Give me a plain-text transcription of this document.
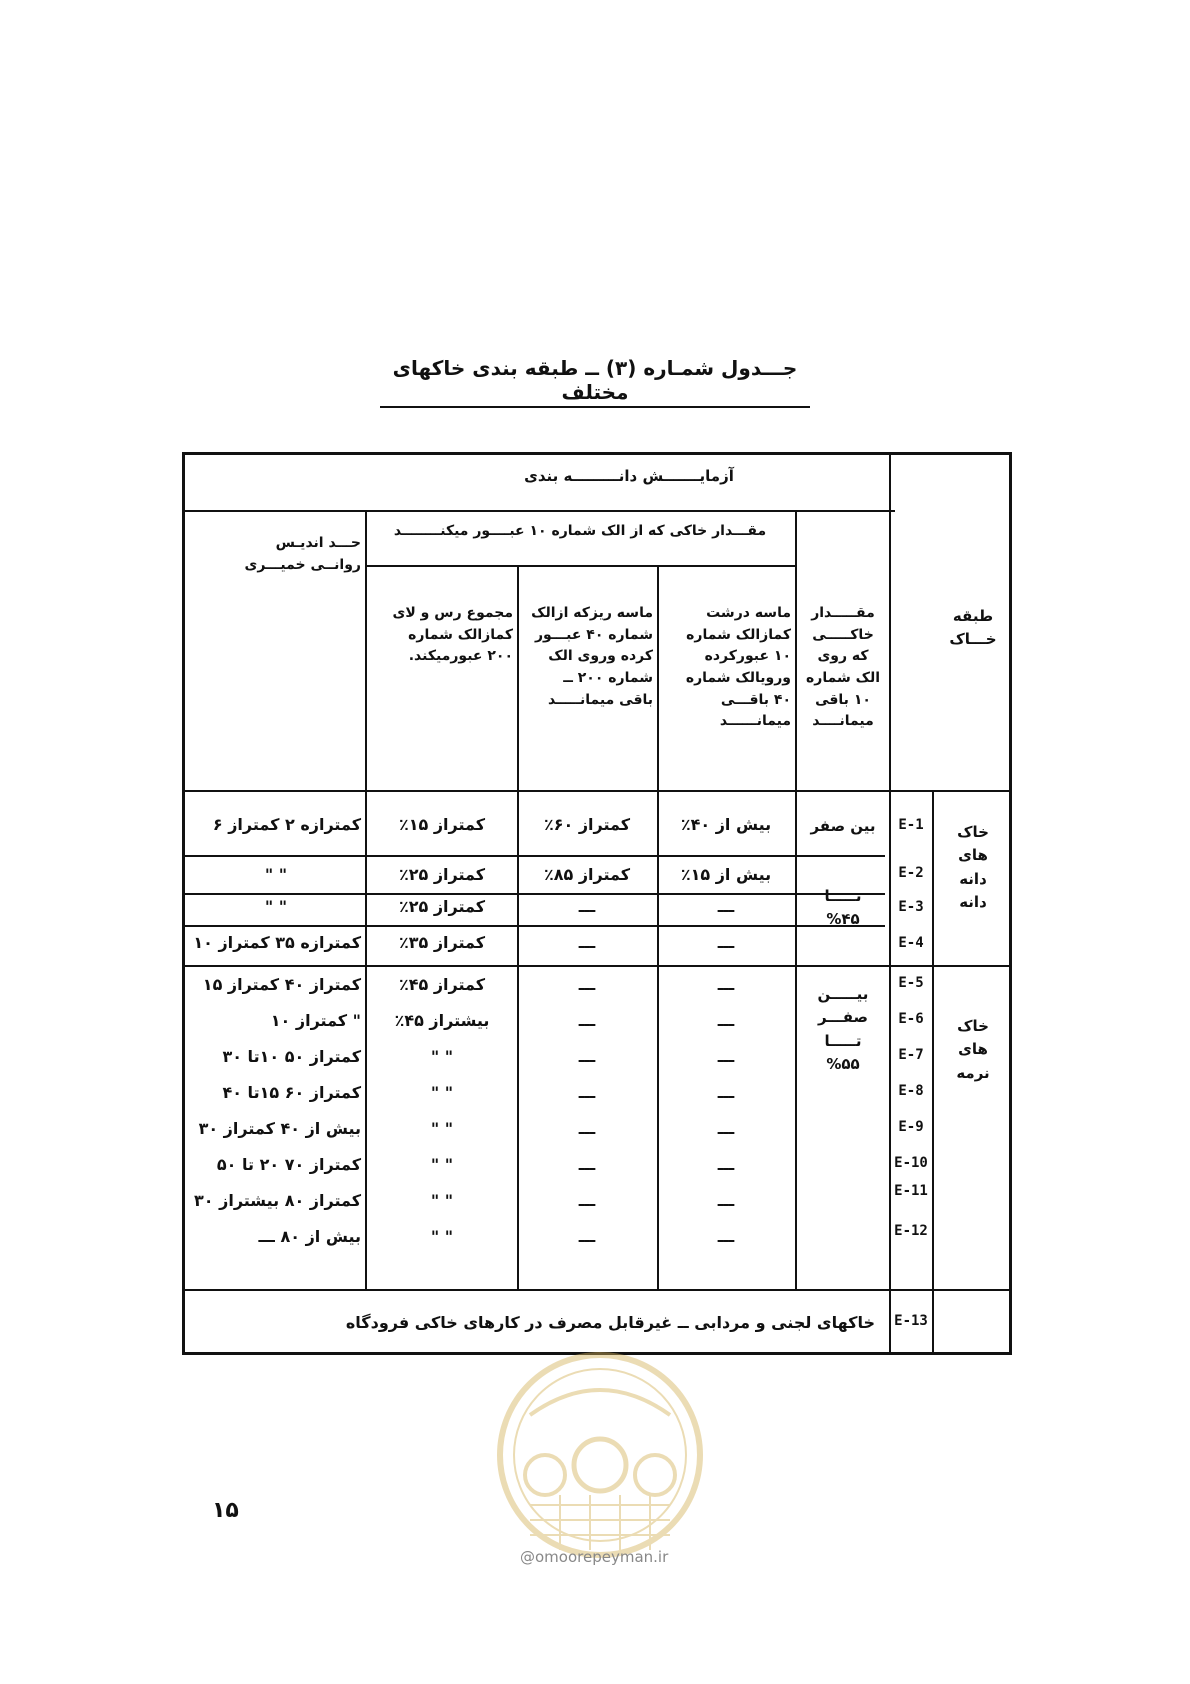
جـــدول شمـاره (۳) ــ طبقه بندی خاکهای مختلف
طبقه خـــاک
آزمایـــــــش دانـــــــــه بندی
مقـــدار خاکی که از الک شماره ۱۰ عبــــور میکنــــــــد
مقـــــدار
خاکـــــی
که روی
الک شماره
۱۰ باقی
میمانــــد
ماسه درشت
کمازالک شماره
۱۰ عبورکرده
ورویالک شماره
۴۰ باقـــی
میمانــــــد
ماسه ریزکه ازالک
شماره ۴۰ عبـــور
کرده وروی الک
شماره ۲۰۰ ــ
باقی میمانـــــد
مجموع رس و لای
کمازالک شماره
۲۰۰ عبورمیکند.
حـــد اندیـس
روانــی خمیـــری
خاک
های
دانه
دانه
خاک
های
نرمه
بین صفر
تـــــا
%۴۵
بیـــــن
صفـــر
تـــــا
%۵۵
E-1
E-2
E-3
E-4
E-5
E-6
E-7
E-8
E-9
E-10
E-11
E-12
E-13
بیش از ۴۰٪
بیش از ۱۵٪
ـــ
ـــ
ـــ
ـــ
ـــ
ـــ
ـــ
ـــ
ـــ
ـــ
کمتراز ۶۰٪
کمتراز ۸۵٪
ـــ
ـــ
ـــ
ـــ
ـــ
ـــ
ـــ
ـــ
ـــ
ـــ
کمتراز ۱۵٪
کمتراز ۲۵٪
کمتراز ۲۵٪
کمتراز ۳۵٪
کمتراز ۴۵٪
بیشتراز ۴۵٪
" "
" "
" "
" "
" "
" "
کمترازه ۲ کمتراز ۶
" "
" "
کمترازه ۳۵ کمتراز ۱۰
کمتراز ۴۰ کمتراز ۱۵
" کمتراز ۱۰
کمتراز ۵۰ ۱۰تا ۳۰
کمتراز ۶۰ ۱۵تا ۴۰
بیش از ۴۰ کمتراز ۳۰
کمتراز ۷۰ ۲۰ تا ۵۰
کمتراز ۸۰ بیشتراز ۳۰
بیش از ۸۰ ـــ
خاکهای لجنی و مردابی ــ غیرقابل مصرف در کارهای خاکی فرودگاه
@omoorepeyman.ir
۱۵
